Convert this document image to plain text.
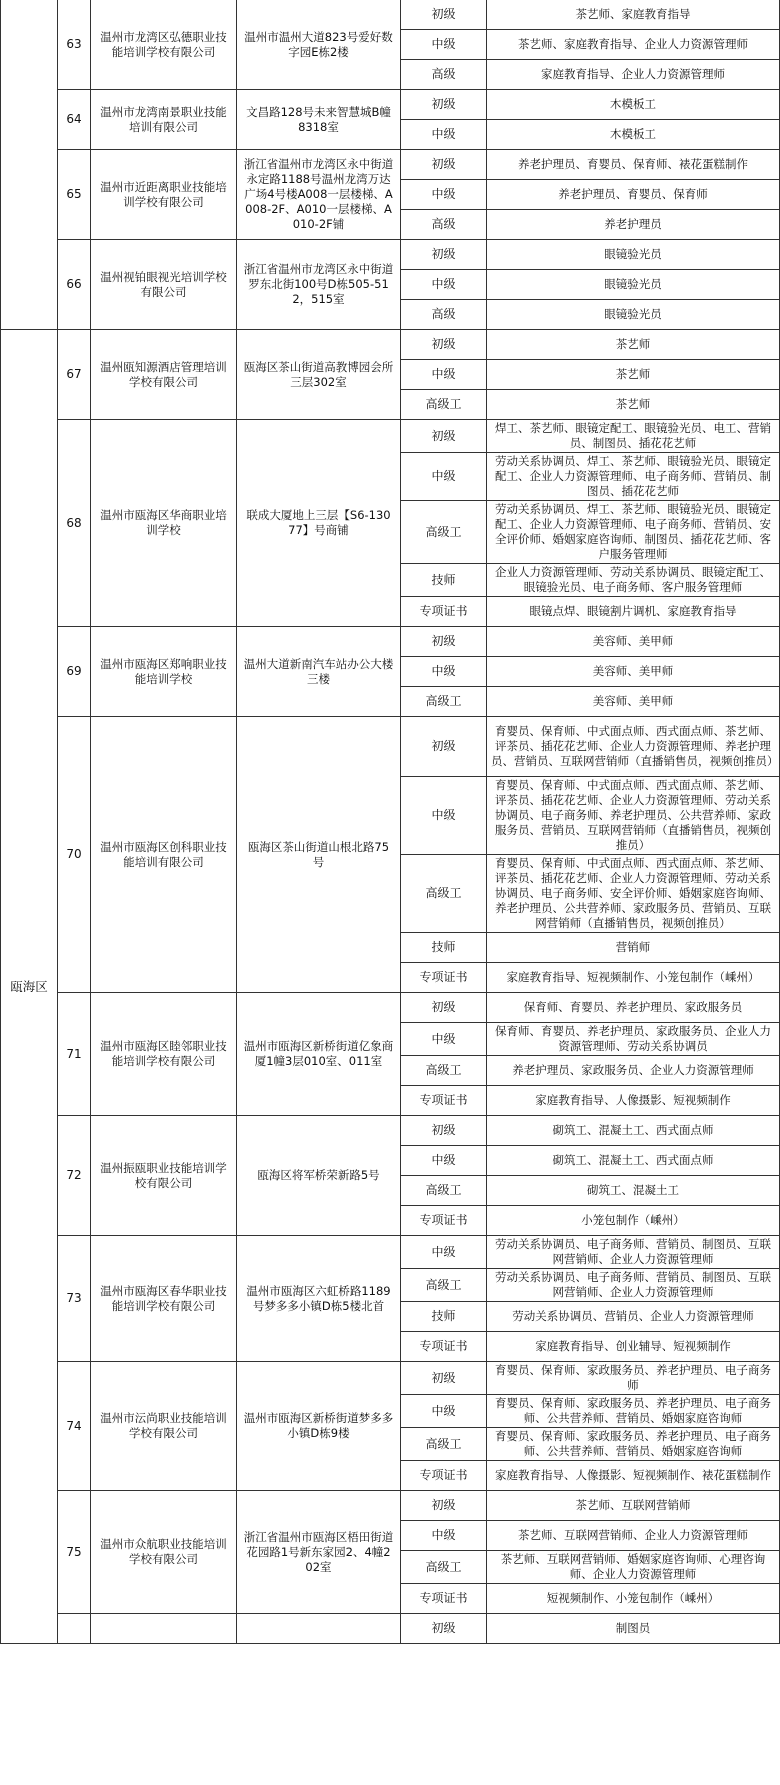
	63	温州市龙湾区弘德职业技能培训学校有限公司	温州市温州大道823号爱好数字园E栋2楼	初级	茶艺师、家庭教育指导
				中级	茶艺师、家庭教育指导、企业人力资源管理师
				高级	家庭教育指导、企业人力资源管理师
	64	温州市龙湾南景职业技能培训有限公司	文昌路128号未来智慧城B幢8318室	初级	木模板工
				中级	木模板工
	65	温州市近距离职业技能培训学校有限公司	浙江省温州市龙湾区永中街道永定路1188号温州龙湾万达广场4号楼A008一层楼梯、A008-2F、A010一层楼梯、A010-2F铺	初级	养老护理员、育婴员、保育师、裱花蛋糕制作
				中级	养老护理员、育婴员、保育师
				高级	养老护理员
	66	温州视铂眼视光培训学校有限公司	浙江省温州市龙湾区永中街道罗东北街100号D栋505-512，515室	初级	眼镜验光员
				中级	眼镜验光员
				高级	眼镜验光员
瓯海区	67	温州瓯知源酒店管理培训学校有限公司	瓯海区茶山街道高教博园会所三层302室	初级	茶艺师
				中级	茶艺师
				高级工	茶艺师
	68	温州市瓯海区华商职业培训学校	联成大厦地上三层【S6-13077】号商铺	初级	焊工、茶艺师、眼镜定配工、眼镜验光员、电工、营销员、制图员、插花花艺师
				中级	劳动关系协调员、焊工、茶艺师、眼镜验光员、眼镜定配工、企业人力资源管理师、电子商务师、营销员、制图员、插花花艺师
				高级工	劳动关系协调员、焊工、茶艺师、眼镜验光员、眼镜定配工、企业人力资源管理师、电子商务师、营销员、安全评价师、婚姻家庭咨询师、制图员、插花花艺师、客户服务管理师
				技师	企业人力资源管理师、劳动关系协调员、眼镜定配工、眼镜验光员、电子商务师、客户服务管理师
				专项证书	眼镜点焊、眼镜割片调机、家庭教育指导
	69	温州市瓯海区郑响职业技能培训学校	温州大道新南汽车站办公大楼三楼	初级	美容师、美甲师
				中级	美容师、美甲师
				高级工	美容师、美甲师
	70	温州市瓯海区创科职业技能培训有限公司	瓯海区茶山街道山根北路75号	初级	育婴员、保育师、中式面点师、西式面点师、茶艺师、评茶员、插花花艺师、企业人力资源管理师、养老护理员、营销员、互联网营销师（直播销售员，视频创推员）
				中级	育婴员、保育师、中式面点师、西式面点师、茶艺师、评茶员、插花花艺师、企业人力资源管理师、劳动关系协调员、电子商务师、养老护理员、公共营养师、家政服务员、营销员、互联网营销师（直播销售员，视频创推员）
				高级工	育婴员、保育师、中式面点师、西式面点师、茶艺师、评茶员、插花花艺师、企业人力资源管理师、劳动关系协调员、电子商务师、安全评价师、婚姻家庭咨询师、养老护理员、公共营养师、家政服务员、营销员、互联网营销师（直播销售员，视频创推员）
				技师	营销师
				专项证书	家庭教育指导、短视频制作、小笼包制作（嵊州）
	71	温州市瓯海区睦邻职业技能培训学校有限公司	温州市瓯海区新桥街道亿象商厦1幢3层010室、011室	初级	保育师、育婴员、养老护理员、家政服务员
				中级	保育师、育婴员、养老护理员、家政服务员、企业人力资源管理师、劳动关系协调员
				高级工	养老护理员、家政服务员、企业人力资源管理师
				专项证书	家庭教育指导、人像摄影、短视频制作
	72	温州振瓯职业技能培训学校有限公司	瓯海区将军桥荣新路5号	初级	砌筑工、混凝土工、西式面点师
				中级	砌筑工、混凝土工、西式面点师
				高级工	砌筑工、混凝土工
				专项证书	小笼包制作（嵊州）
	73	温州市瓯海区春华职业技能培训学校有限公司	温州市瓯海区六虹桥路1189号梦多多小镇D栋5楼北首	中级	劳动关系协调员、电子商务师、营销员、制图员、互联网营销师、企业人力资源管理师
				高级工	劳动关系协调员、电子商务师、营销员、制图员、互联网营销师、企业人力资源管理师
				技师	劳动关系协调员、营销员、企业人力资源管理师
				专项证书	家庭教育指导、创业辅导、短视频制作
	74	温州市沄尚职业技能培训学校有限公司	温州市瓯海区新桥街道梦多多小镇D栋9楼	初级	育婴员、保育师、家政服务员、养老护理员、电子商务师
				中级	育婴员、保育师、家政服务员、养老护理员、电子商务师、公共营养师、营销员、婚姻家庭咨询师
				高级工	育婴员、保育师、家政服务员、养老护理员、电子商务师、公共营养师、营销员、婚姻家庭咨询师
				专项证书	家庭教育指导、人像摄影、短视频制作、裱花蛋糕制作
	75	温州市众航职业技能培训学校有限公司	浙江省温州市瓯海区梧田街道花园路1号新东家园2、4幢202室	初级	茶艺师、互联网营销师
				中级	茶艺师、互联网营销师、企业人力资源管理师
				高级工	茶艺师、互联网营销师、婚姻家庭咨询师、心理咨询师、企业人力资源管理师
				专项证书	短视频制作、小笼包制作（嵊州）
				初级	制图员
